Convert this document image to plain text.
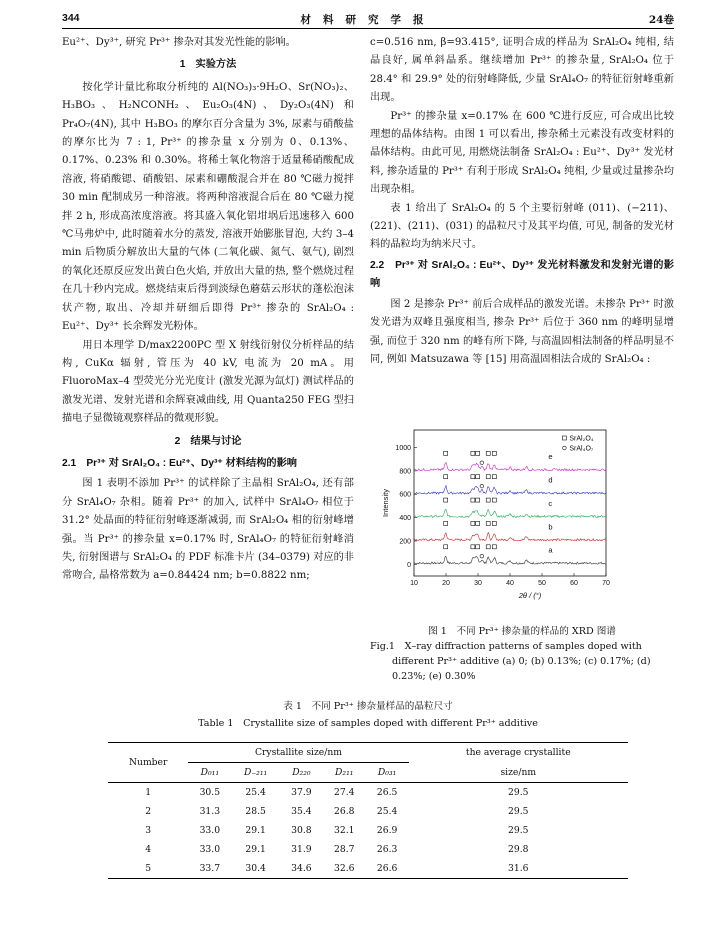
344	材料研究学报	24卷

Eu²⁺、Dy³⁺, 研究 Pr³⁺ 掺杂对其发光性能的影响。

1　实验方法

按化学计量比称取分析纯的 Al(NO₃)₃·9H₂O、Sr(NO₃)₂、H₃BO₃、H₂NCONH₂、Eu₂O₃(4N)、Dy₂O₃(4N) 和 Pr₄O₇(4N), 其中 H₃BO₃ 的摩尔百分含量为 3%, 尿素与硝酸盐的摩尔比为 7 : 1, Pr³⁺ 的掺杂量 x 分别为 0、0.13%、0.17%、0.23% 和 0.30%。将稀土氧化物溶于适量稀硝酸配成溶液, 将硝酸锶、硝酸铝、尿素和硼酸混合并在 80 ℃磁力搅拌 30 min 配制成另一种溶液。将两种溶液混合后在 80 ℃磁力搅拌 2 h, 形成高浓度溶液。将其盛入氧化铝坩埚后迅速移入 600 ℃马弗炉中, 此时随着水分的蒸发, 溶液开始膨胀冒泡, 大约 3–4 min 后物质分解放出大量的气体 (二氧化碳、氮气、氨气), 剧烈的氧化还原反应发出黄白色火焰, 并放出大量的热, 整个燃烧过程在几十秒内完成。燃烧结束后得到淡绿色蘑菇云形状的蓬松泡沫状产物, 取出、冷却并研细后即得 Pr³⁺ 掺杂的 SrAl₂O₄ : Eu²⁺、Dy³⁺ 长余辉发光粉体。

用日本理学 D/max2200PC 型 X 射线衍射仪分析样品的结构, CuKα 辐射, 管压为 40 kV, 电流为 20 mA。用 FluoroMax–4 型荧光分光光度计 (激发光源为氙灯) 测试样品的激发光谱、发射光谱和余辉衰减曲线, 用 Quanta250 FEG 型扫描电子显微镜观察样品的微观形貌。

2　结果与讨论
2.1　Pr³⁺ 对 SrAl₂O₄ : Eu²⁺、Dy³⁺ 材料结构的影响

图 1 表明不添加 Pr³⁺ 的试样除了主晶相 SrAl₂O₄, 还有部分 SrAl₄O₇ 杂相。随着 Pr³⁺ 的加入, 试样中 SrAl₄O₇ 相位于 31.2° 处晶面的特征衍射峰逐渐减弱, 而 SrAl₂O₄ 相的衍射峰增强。当 Pr³⁺ 的掺杂量 x=0.17% 时, SrAl₄O₇ 的特征衍射峰消失, 衍射图谱与 SrAl₂O₄ 的 PDF 标准卡片 (34–0379) 对应的非常吻合, 晶格常数为 a=0.84424 nm; b=0.8822 nm;

c=0.516 nm, β=93.415°, 证明合成的样品为 SrAl₂O₄ 纯相, 结晶良好, 属单斜晶系。继续增加 Pr³⁺ 的掺杂量, SrAl₂O₄ 位于 28.4° 和 29.9° 处的衍射峰降低, 少量 SrAl₄O₇ 的特征衍射峰重新出现。

Pr³⁺ 的掺杂量 x=0.17% 在 600 ℃进行反应, 可合成出比较理想的晶体结构。由图 1 可以看出, 掺杂稀土元素没有改变材料的晶体结构。由此可见, 用燃烧法制备 SrAl₂O₄ : Eu²⁺、Dy³⁺ 发光材料, 掺杂适量的 Pr³⁺ 有利于形成 SrAl₂O₄ 纯相, 少量或过量掺杂均出现杂相。

表 1 给出了 SrAl₂O₄ 的 5 个主要衍射峰 (011)、(−211)、(221)、(211)、(031) 的晶粒尺寸及其平均值, 可见, 制备的发光材料的晶粒均为纳米尺寸。

2.2　Pr³⁺ 对 SrAl₂O₄ : Eu²⁺、Dy³⁺ 发光材料激发和发射光谱的影响

图 2 是掺杂 Pr³⁺ 前后合成样品的激发光谱。未掺杂 Pr³⁺ 时激发光谱为双峰且强度相当, 掺杂 Pr³⁺ 后位于 360 nm 的峰明显增强, 而位于 320 nm 的峰有所下降, 与高温固相法制备的样品明显不同, 例如 Matsuzawa 等 [15] 用高温固相法合成的 SrAl₂O₄ :

10	20	30	40	50	60	70
0
200
400
600
800
1000
2θ / (°)
Intensity
a
b
c
d
e
SrAl₂O₄
SrAl₄O₇
图 1　不同 Pr³⁺ 掺杂量的样品的 XRD 图谱
Fig.1　X–ray diffraction patterns of samples doped with different Pr³⁺ additive (a) 0; (b) 0.13%; (c) 0.17%; (d) 0.23%; (e) 0.30%
表 1　不同 Pr³⁺ 掺杂量样品的晶粒尺寸
Table 1　Crystallite size of samples doped with different Pr³⁺ additive
Number	Crystallite size/nm					the average crystallite
	D₀₁₁	D₋₂₁₁	D₂₂₀	D₂₁₁	D₀₃₁	size/nm
1	30.5	25.4	37.9	27.4	26.5	29.5
2	31.3	28.5	35.4	26.8	25.4	29.5
3	33.0	29.1	30.8	32.1	26.9	29.5
4	33.0	29.1	31.9	28.7	26.3	29.8
5	33.7	30.4	34.6	32.6	26.6	31.6
